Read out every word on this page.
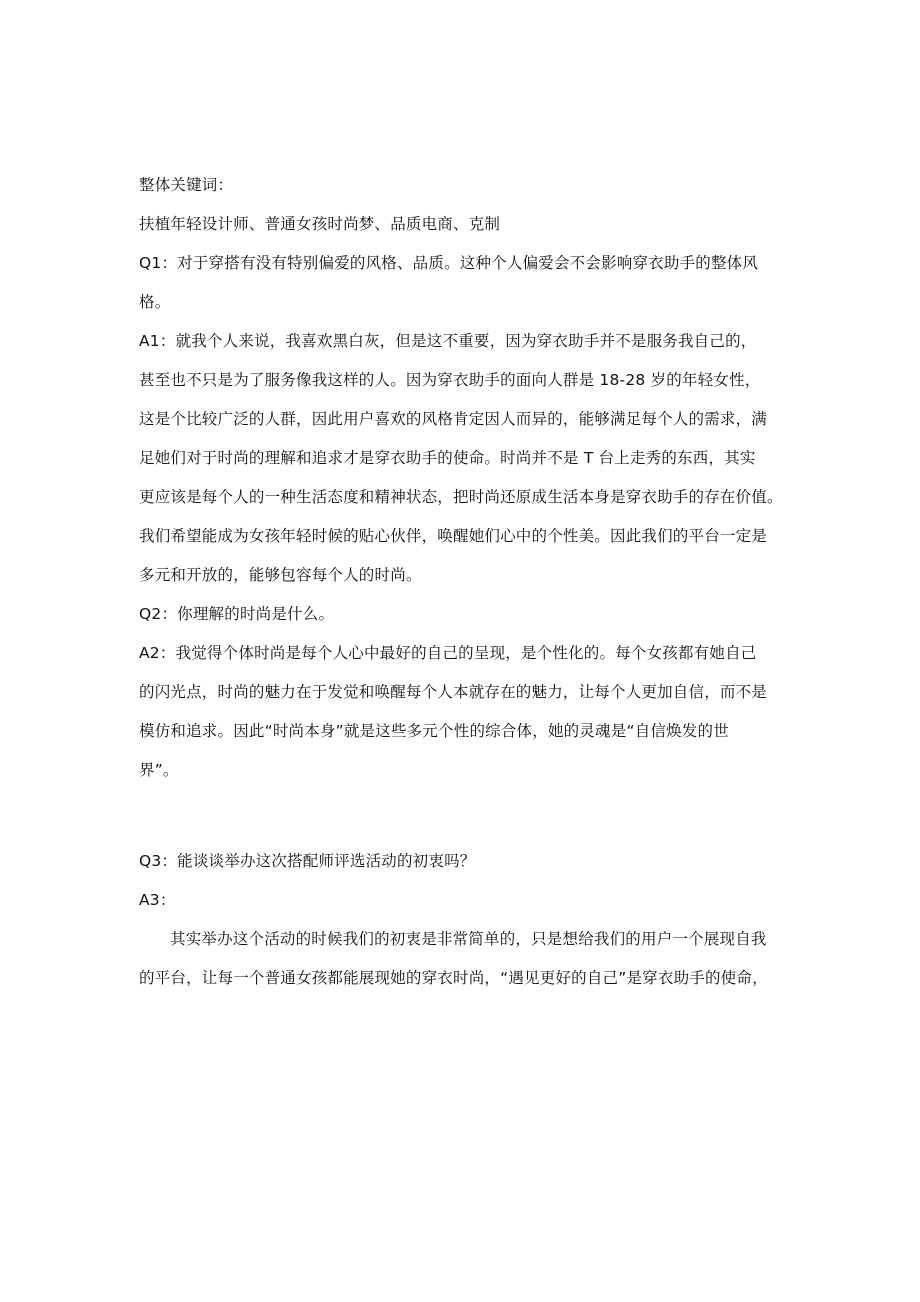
整体关键词：

扶植年轻设计师、普通女孩时尚梦、品质电商、克制

Q1：对于穿搭有没有特别偏爱的风格、品质。这种个人偏爱会不会影响穿衣助手的整体风

格。

A1：就我个人来说，我喜欢黑白灰，但是这不重要，因为穿衣助手并不是服务我自己的，

甚至也不只是为了服务像我这样的人。因为穿衣助手的面向人群是 18-28 岁的年轻女性，

这是个比较广泛的人群，因此用户喜欢的风格肯定因人而异的，能够满足每个人的需求，满

足她们对于时尚的理解和追求才是穿衣助手的使命。时尚并不是 T 台上走秀的东西，其实

更应该是每个人的一种生活态度和精神状态，把时尚还原成生活本身是穿衣助手的存在价值。

我们希望能成为女孩年轻时候的贴心伙伴，唤醒她们心中的个性美。因此我们的平台一定是

多元和开放的，能够包容每个人的时尚。

Q2：你理解的时尚是什么。

A2：我觉得个体时尚是每个人心中最好的自己的呈现，是个性化的。每个女孩都有她自己

的闪光点，时尚的魅力在于发觉和唤醒每个人本就存在的魅力，让每个人更加自信，而不是

模仿和追求。因此“时尚本身”就是这些多元个性的综合体，她的灵魂是“自信焕发的世

界”。

Q3：能谈谈举办这次搭配师评选活动的初衷吗？

A3：

其实举办这个活动的时候我们的初衷是非常简单的，只是想给我们的用户一个展现自我

的平台，让每一个普通女孩都能展现她的穿衣时尚，“遇见更好的自己”是穿衣助手的使命，
